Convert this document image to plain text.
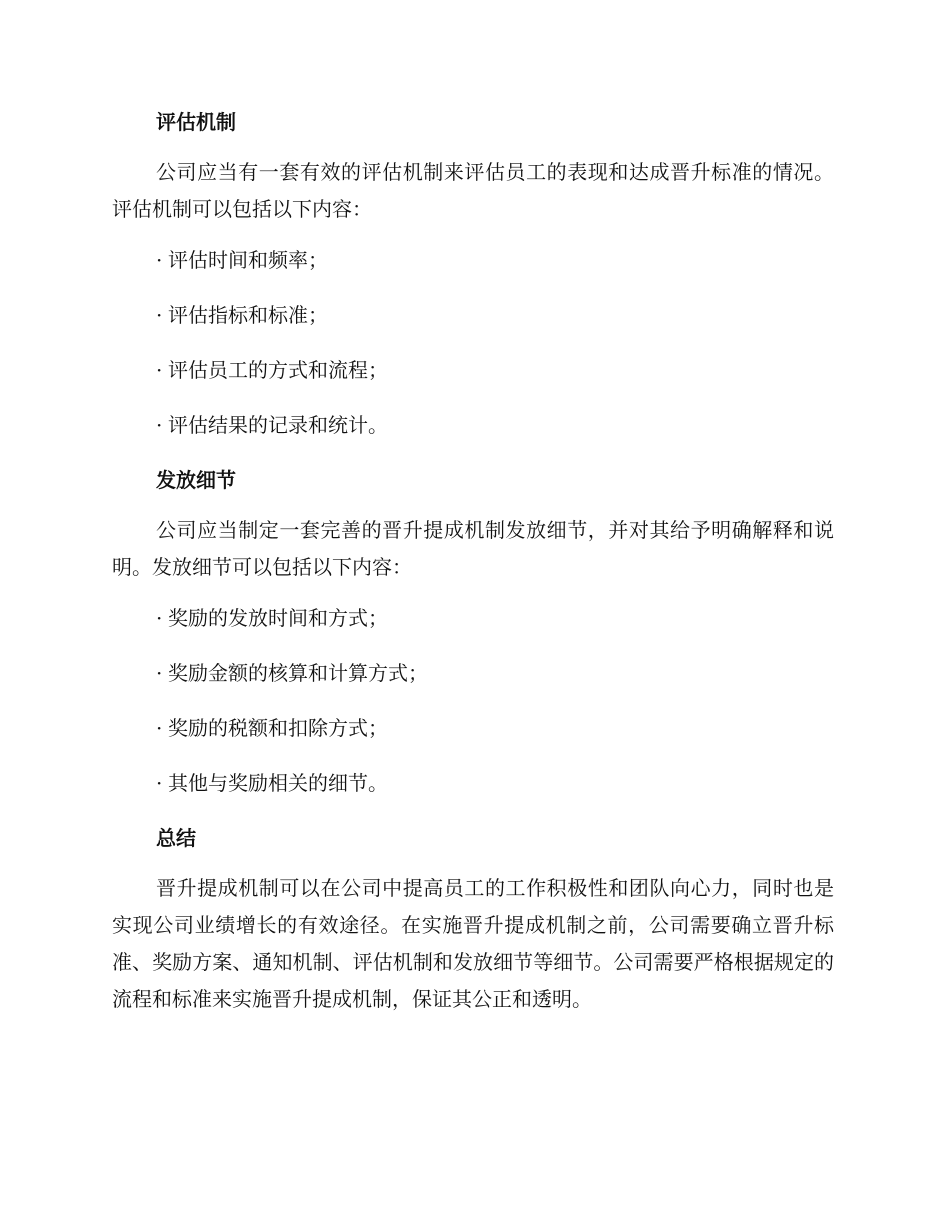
评估机制

公司应当有一套有效的评估机制来评估员工的表现和达成晋升标准的情况。评估机制可以包括以下内容：

· 评估时间和频率；
· 评估指标和标准；
· 评估员工的方式和流程；
· 评估结果的记录和统计。
发放细节

公司应当制定一套完善的晋升提成机制发放细节，并对其给予明确解释和说明。发放细节可以包括以下内容：

· 奖励的发放时间和方式；
· 奖励金额的核算和计算方式；
· 奖励的税额和扣除方式；
· 其他与奖励相关的细节。
总结

晋升提成机制可以在公司中提高员工的工作积极性和团队向心力，同时也是实现公司业绩增长的有效途径。在实施晋升提成机制之前，公司需要确立晋升标准、奖励方案、通知机制、评估机制和发放细节等细节。公司需要严格根据规定的流程和标准来实施晋升提成机制，保证其公正和透明。
